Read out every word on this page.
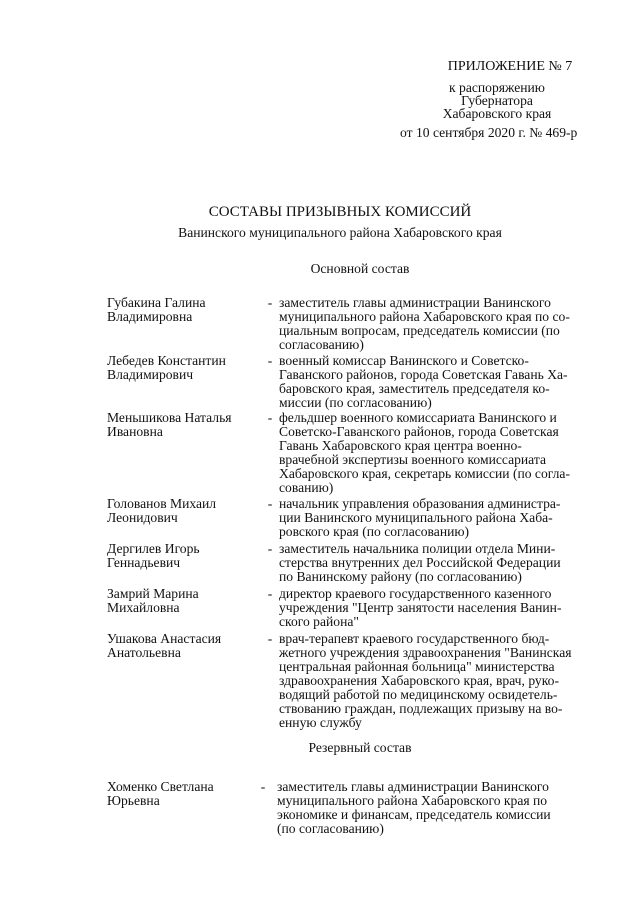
ПРИЛОЖЕНИЕ № 7
к распоряжению
Губернатора
Хабаровского края
от 10 сентября 2020 г. № 469-р
СОСТАВЫ ПРИЗЫВНЫХ КОМИССИЙ
Ванинского муниципального района Хабаровского края
Основной состав
Губакина Галина
Владимировна
- заместитель главы администрации Ванинского
муниципального района Хабаровского края по со-
циальным вопросам, председатель комиссии (по
согласованию)
Лебедев Константин
Владимирович
- военный комиссар Ванинского и Советско-
Гаванского районов, города Советская Гавань Ха-
баровского края, заместитель председателя ко-
миссии (по согласованию)
Меньшикова Наталья
Ивановна
- фельдшер военного комиссариата Ванинского и
Советско-Гаванского районов, города Советская
Гавань Хабаровского края центра военно-
врачебной экспертизы военного комиссариата
Хабаровского края, секретарь комиссии (по согла-
сованию)
Голованов Михаил
Леонидович
- начальник управления образования администра-
ции Ванинского муниципального района Хаба-
ровского края (по согласованию)
Дергилев Игорь
Геннадьевич
- заместитель начальника полиции отдела Мини-
стерства внутренних дел Российской Федерации
по Ванинскому району (по согласованию)
Замрий Марина
Михайловна
- директор краевого государственного казенного
учреждения "Центр занятости населения Ванин-
ского района"
Ушакова Анастасия
Анатольевна
- врач-терапевт краевого государственного бюд-
жетного учреждения здравоохранения "Ванинская
центральная районная больница" министерства
здравоохранения Хабаровского края, врач, руко-
водящий работой по медицинскому освидетель-
ствованию граждан, подлежащих призыву на во-
енную службу
Резервный состав
Хоменко Светлана
Юрьевна
- заместитель главы администрации Ванинского
муниципального района Хабаровского края по
экономике и финансам, председатель комиссии
(по согласованию)
